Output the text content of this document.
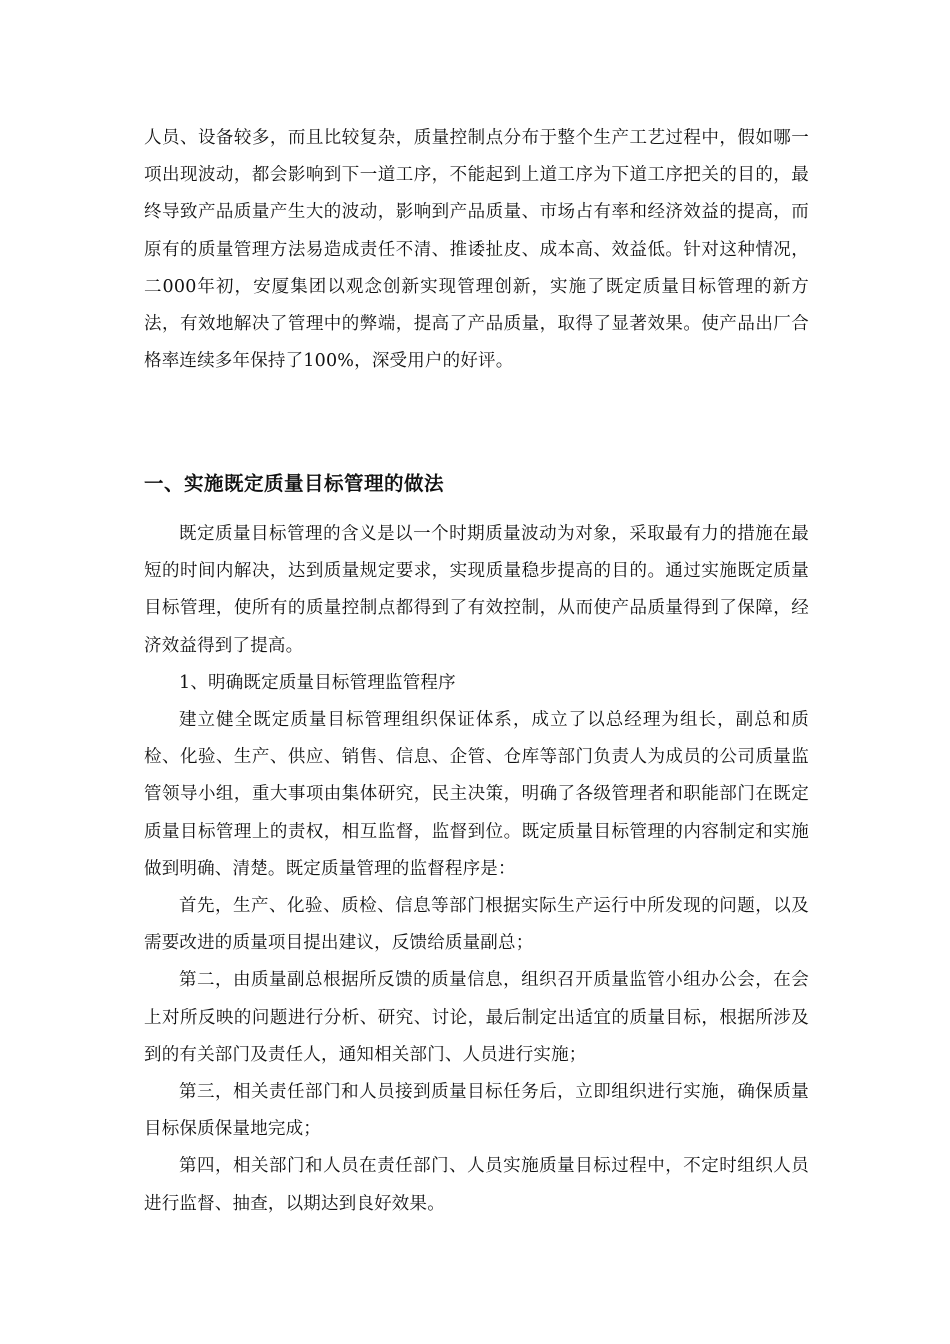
人员、设备较多，而且比较复杂，质量控制点分布于整个生产工艺过程中，假如哪一项出现波动，都会影响到下一道工序，不能起到上道工序为下道工序把关的目的，最终导致产品质量产生大的波动，影响到产品质量、市场占有率和经济效益的提高，而原有的质量管理方法易造成责任不清、推诿扯皮、成本高、效益低。针对这种情况，二000年初，安厦集团以观念创新实现管理创新，实施了既定质量目标管理的新方法，有效地解决了管理中的弊端，提高了产品质量，取得了显著效果。使产品出厂合格率连续多年保持了100%，深受用户的好评。

一、实施既定质量目标管理的做法

既定质量目标管理的含义是以一个时期质量波动为对象，采取最有力的措施在最短的时间内解决，达到质量规定要求，实现质量稳步提高的目的。通过实施既定质量目标管理，使所有的质量控制点都得到了有效控制，从而使产品质量得到了保障，经济效益得到了提高。

1、明确既定质量目标管理监管程序

建立健全既定质量目标管理组织保证体系，成立了以总经理为组长，副总和质检、化验、生产、供应、销售、信息、企管、仓库等部门负责人为成员的公司质量监管领导小组，重大事项由集体研究，民主决策，明确了各级管理者和职能部门在既定质量目标管理上的责权，相互监督，监督到位。既定质量目标管理的内容制定和实施做到明确、清楚。既定质量管理的监督程序是：

首先，生产、化验、质检、信息等部门根据实际生产运行中所发现的问题，以及需要改进的质量项目提出建议，反馈给质量副总；

第二，由质量副总根据所反馈的质量信息，组织召开质量监管小组办公会，在会上对所反映的问题进行分析、研究、讨论，最后制定出适宜的质量目标，根据所涉及到的有关部门及责任人，通知相关部门、人员进行实施；

第三，相关责任部门和人员接到质量目标任务后，立即组织进行实施，确保质量目标保质保量地完成；

第四，相关部门和人员在责任部门、人员实施质量目标过程中，不定时组织人员进行监督、抽查，以期达到良好效果。
